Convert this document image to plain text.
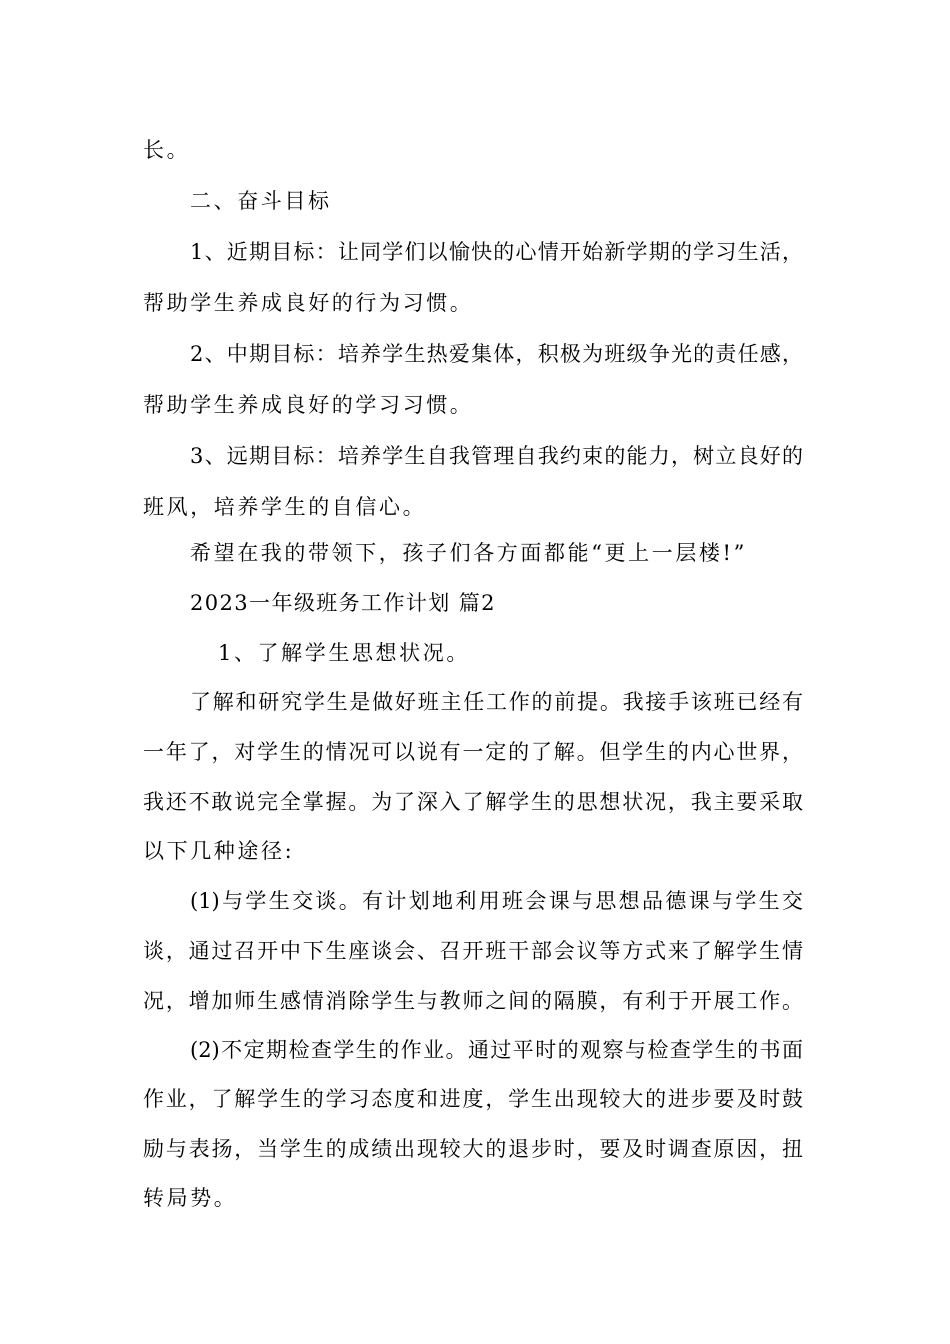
长。
二、奋斗目标
1、近期目标：让同学们以愉快的心情开始新学期的学习生活，
帮助学生养成良好的行为习惯。
2、中期目标：培养学生热爱集体，积极为班级争光的责任感，
帮助学生养成良好的学习习惯。
3、远期目标：培养学生自我管理自我约束的能力，树立良好的
班风，培养学生的自信心。
希望在我的带领下，孩子们各方面都能“更上一层楼!”
2023一年级班务工作计划 篇2
1、了解学生思想状况。
了解和研究学生是做好班主任工作的前提。我接手该班已经有
一年了，对学生的情况可以说有一定的了解。但学生的内心世界，
我还不敢说完全掌握。为了深入了解学生的思想状况，我主要采取
以下几种途径:
(1)与学生交谈。有计划地利用班会课与思想品德课与学生交
谈，通过召开中下生座谈会、召开班干部会议等方式来了解学生情
况，增加师生感情消除学生与教师之间的隔膜，有利于开展工作。
(2)不定期检查学生的作业。通过平时的观察与检查学生的书面
作业，了解学生的学习态度和进度，学生出现较大的进步要及时鼓
励与表扬，当学生的成绩出现较大的退步时，要及时调查原因，扭
转局势。
